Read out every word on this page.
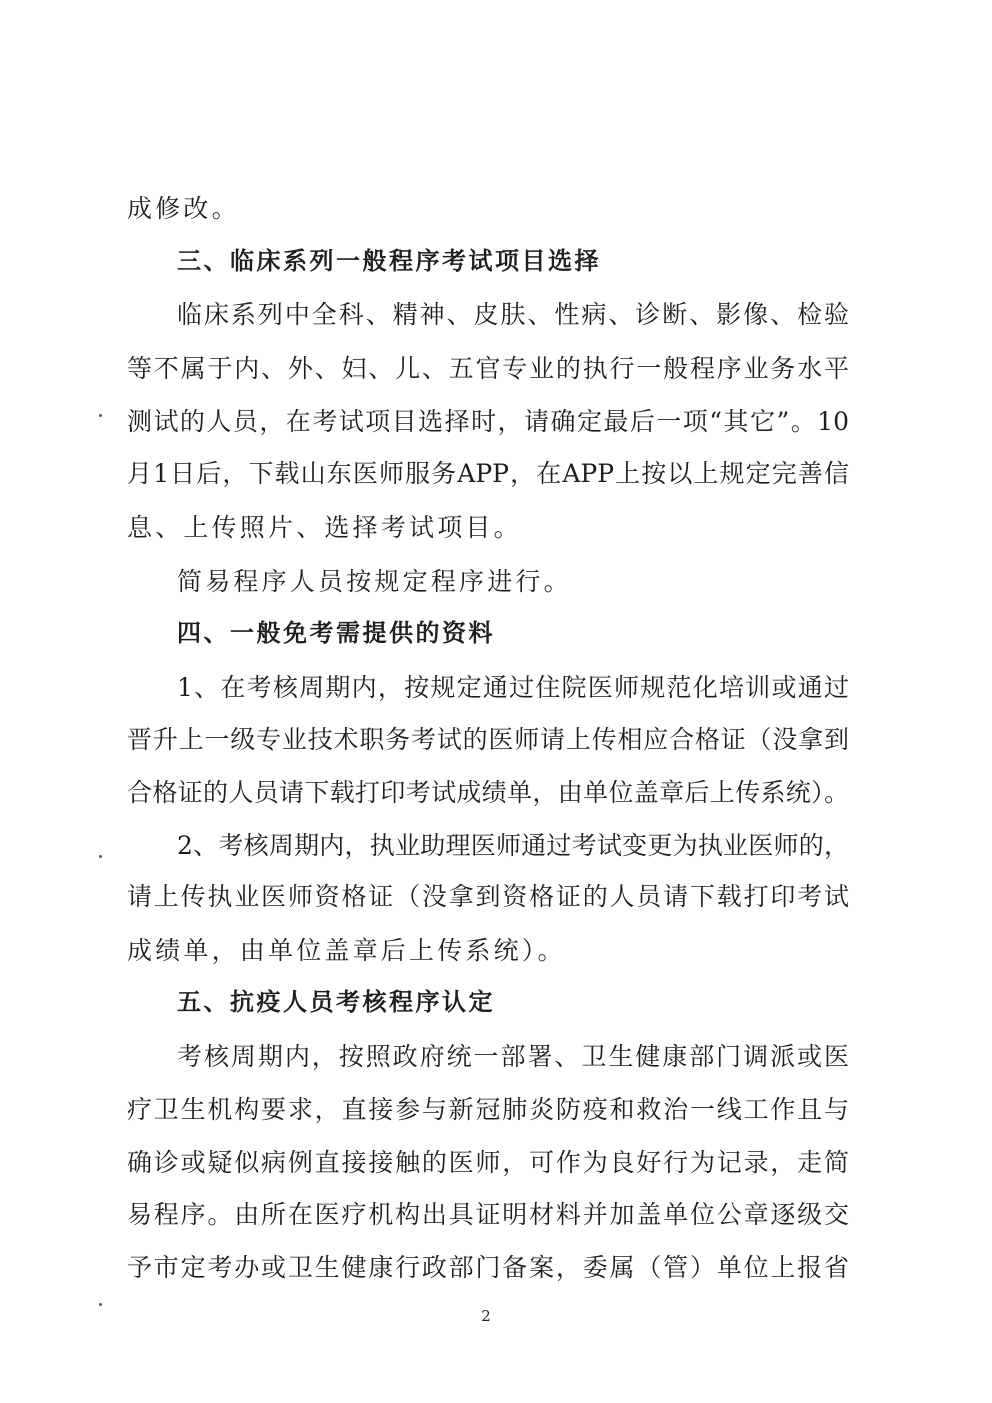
成修改。
三、临床系列一般程序考试项目选择
临床系列中全科、精神、皮肤、性病、诊断、影像、检验
等不属于内、外、妇、儿、五官专业的执行一般程序业务水平
测试的人员，在考试项目选择时，请确定最后一项“其它”。10
月1日后，下载山东医师服务APP，在APP上按以上规定完善信
息、上传照片、选择考试项目。
简易程序人员按规定程序进行。
四、一般免考需提供的资料
1、在考核周期内，按规定通过住院医师规范化培训或通过
晋升上一级专业技术职务考试的医师请上传相应合格证（没拿到
合格证的人员请下载打印考试成绩单，由单位盖章后上传系统）。
2、考核周期内，执业助理医师通过考试变更为执业医师的，
请上传执业医师资格证（没拿到资格证的人员请下载打印考试
成绩单，由单位盖章后上传系统）。
五、抗疫人员考核程序认定
考核周期内，按照政府统一部署、卫生健康部门调派或医
疗卫生机构要求，直接参与新冠肺炎防疫和救治一线工作且与
确诊或疑似病例直接接触的医师，可作为良好行为记录，走简
易程序。由所在医疗机构出具证明材料并加盖单位公章逐级交
予市定考办或卫生健康行政部门备案，委属（管）单位上报省
2
